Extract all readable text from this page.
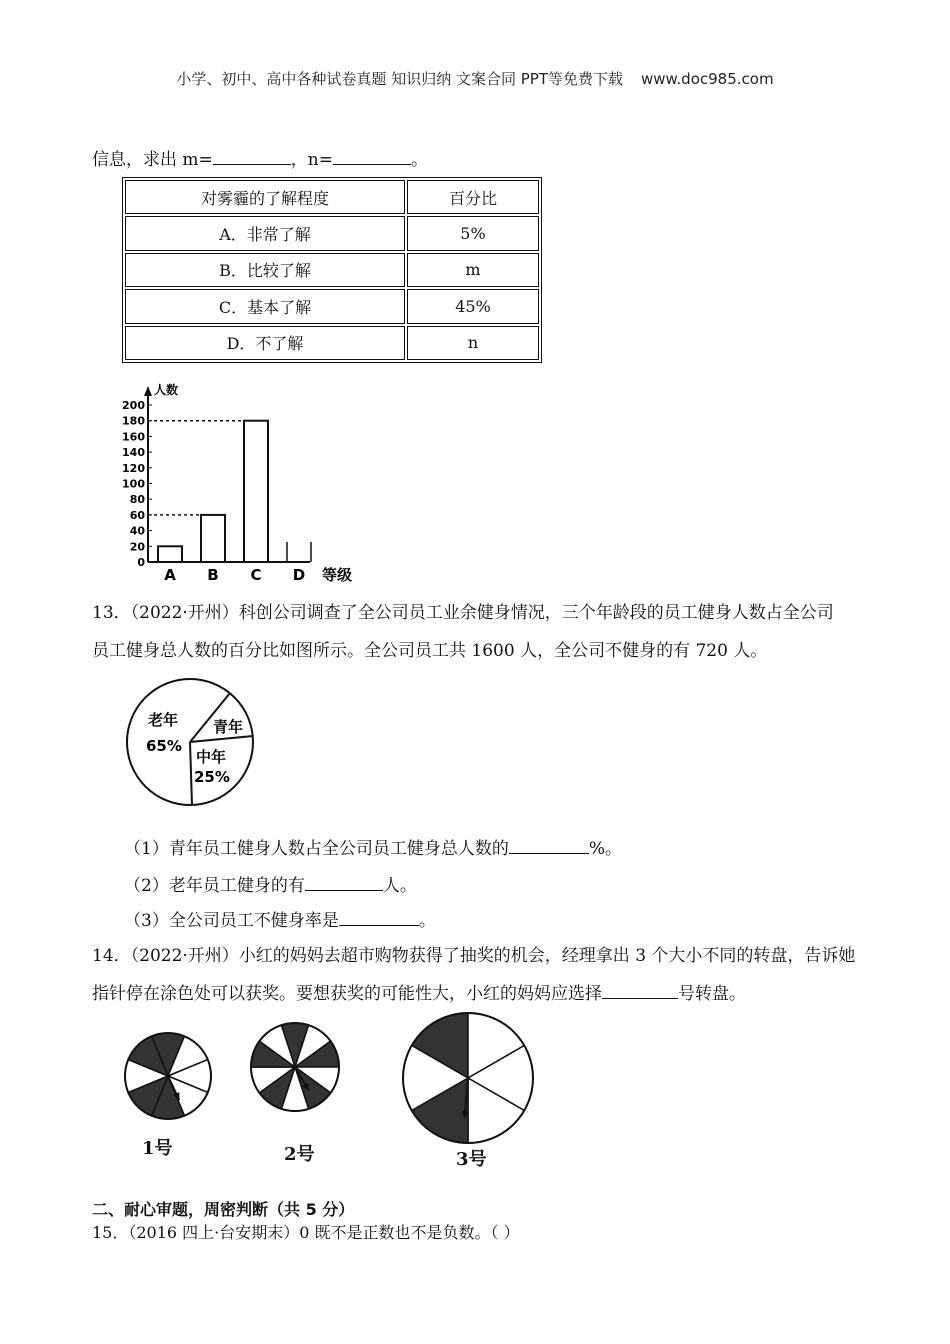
小学、初中、高中各种试卷真题 知识归纳 文案合同 PPT等免费下载 www.doc985.com
信息，求出 m=	，n=	。
对雾霾的了解程度	百分比
A．非常了解	5%
B．比较了解	m
C．基本了解	45%
D．不了解	n
人数
0
20
40
60
80
100
120
140
160
180
200
A B C D 等级
13．（2022·开州）科创公司调查了全公司员工业余健身情况，三个年龄段的员工健身人数占全公司
员工健身总人数的百分比如图所示。全公司员工共 1600 人，全公司不健身的有 720 人。
老年
65%
青年
中年
25%
（1）青年员工健身人数占全公司员工健身总人数的	%。
（2）老年员工健身的有	人。
（3）全公司员工不健身率是	。
14．（2022·开州）小红的妈妈去超市购物获得了抽奖的机会，经理拿出 3 个大小不同的转盘，告诉她
指针停在涂色处可以获奖。要想获奖的可能性大，小红的妈妈应选择	号转盘。
1号	2号	3号
二、耐心审题，周密判断（共 5 分）
15．（2016 四上·台安期末）0 既不是正数也不是负数。（ ）
